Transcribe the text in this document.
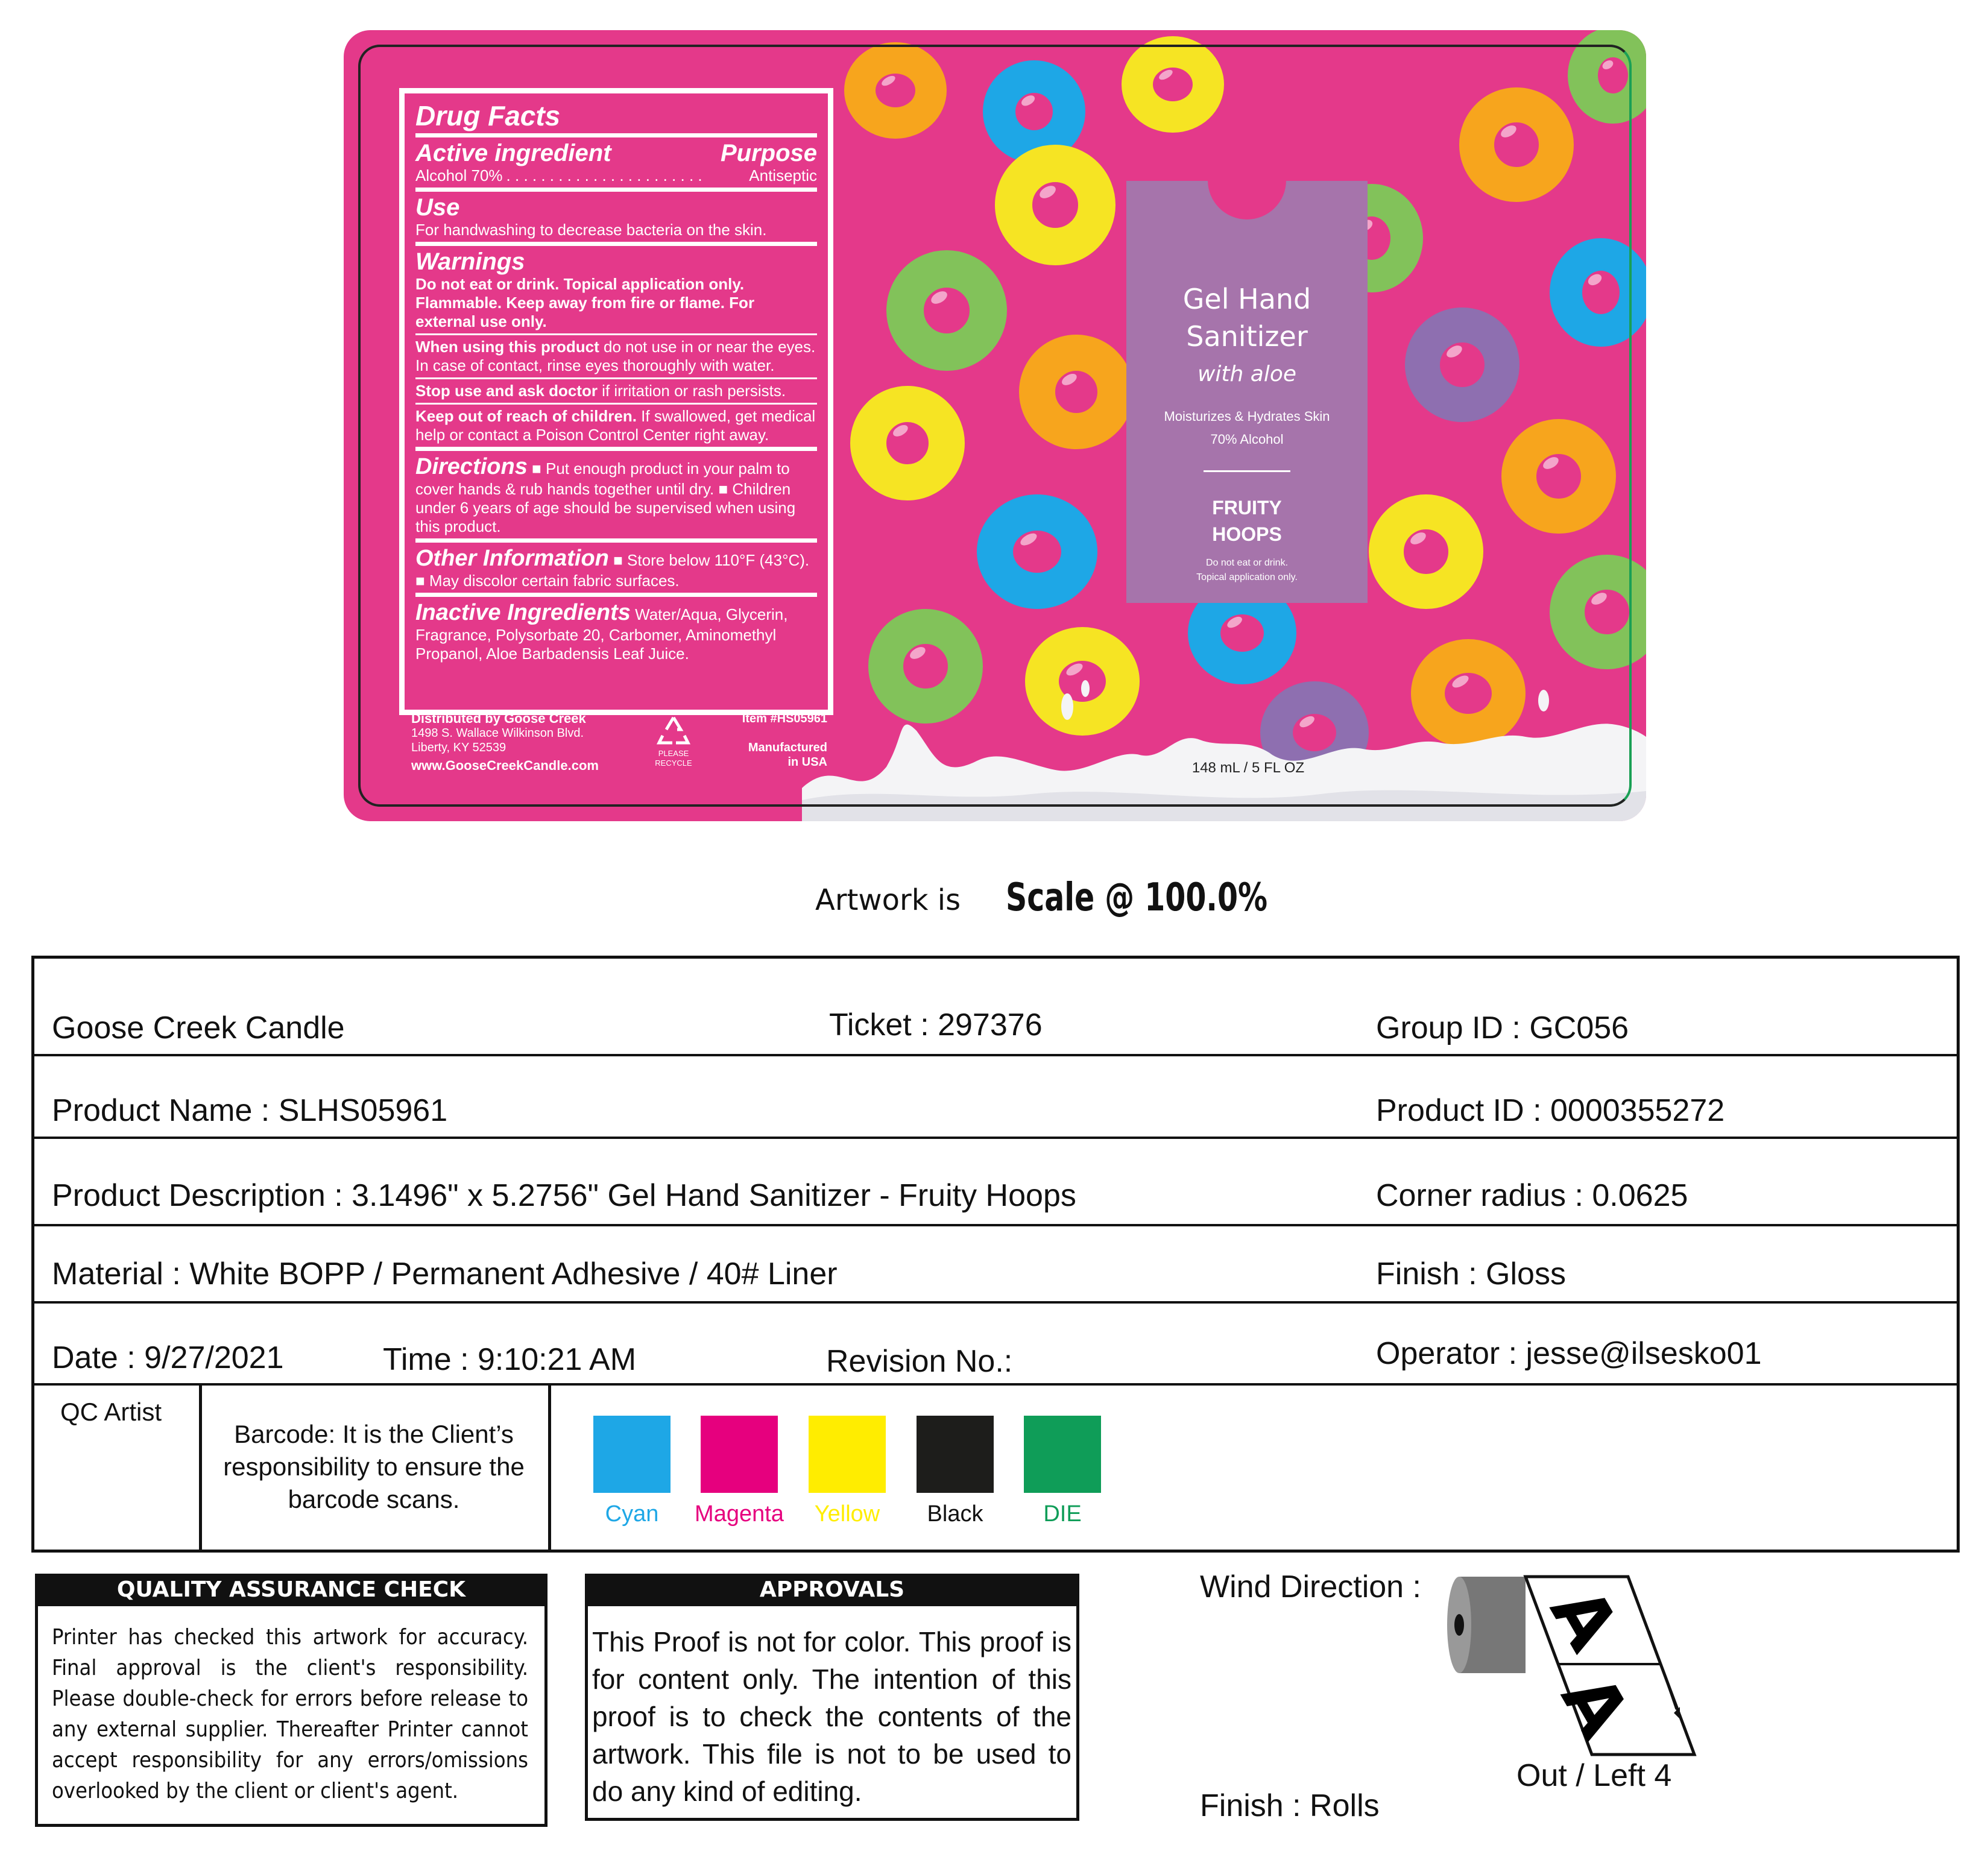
Drug Facts
Active ingredient	Purpose
Alcohol 70% . . . . . . . . . . . . . . . . . . . . . . .	Antiseptic
Use
For handwashing to decrease bacteria on the skin.
Warnings
Do not eat or drink. Topical application only. Flammable. Keep away from fire or flame. For external use only.
When using this product do not use in or near the eyes. In case of contact, rinse eyes thoroughly with water.
Stop use and ask doctor if irritation or rash persists.
Keep out of reach of children. If swallowed, get medical help or contact a Poison Control Center right away.
Directions ■ Put enough product in your palm to cover hands & rub hands together until dry. ■ Children under 6 years of age should be supervised when using this product.
Other Information ■ Store below 110°F (43°C). ■ May discolor certain fabric surfaces.
Inactive Ingredients Water/Aqua, Glycerin, Fragrance, Polysorbate 20, Carbomer, Aminomethyl Propanol, Aloe Barbadensis Leaf Juice.
Distributed by Goose Creek
1498 S. Wallace Wilkinson Blvd.
Liberty, KY 52539
www.GooseCreekCandle.com
PLEASE
RECYCLE
Item #HS05961
Manufactured
in USA
Gel Hand
Sanitizer
with aloe
Moisturizes & Hydrates Skin
70% Alcohol
FRUITY
HOOPS
Do not eat or drink.
Topical application only.
148 mL / 5 FL OZ
Artwork is Scale @ 100.0%
Goose Creek Candle	Ticket : 297376	Group ID : GC056
Product Name : SLHS05961	Product ID : 0000355272
Product Description : 3.1496" x 5.2756" Gel Hand Sanitizer - Fruity Hoops	Corner radius : 0.0625
Material : White BOPP / Permanent Adhesive / 40# Liner	Finish : Gloss
Date : 9/27/2021	Time : 9:10:21 AM	Revision No.:	Operator : jesse@ilsesko01
QC Artist
Barcode: It is the Client’s responsibility to ensure the barcode scans.
Cyan	Magenta	Yellow	Black	DIE
QUALITY ASSURANCE CHECK
Printer has checked this artwork for accuracy. Final approval is the client's responsibility. Please double-check for errors before release to any external supplier. Thereafter Printer cannot accept responsibility for any errors/omissions overlooked by the client or client's agent.
APPROVALS
This Proof is not for color. This proof is for content only. The intention of this proof is to check the contents of the artwork. This file is not to be used to do any kind of editing.
Wind Direction : A
A
Out / Left 4
Finish : Rolls
